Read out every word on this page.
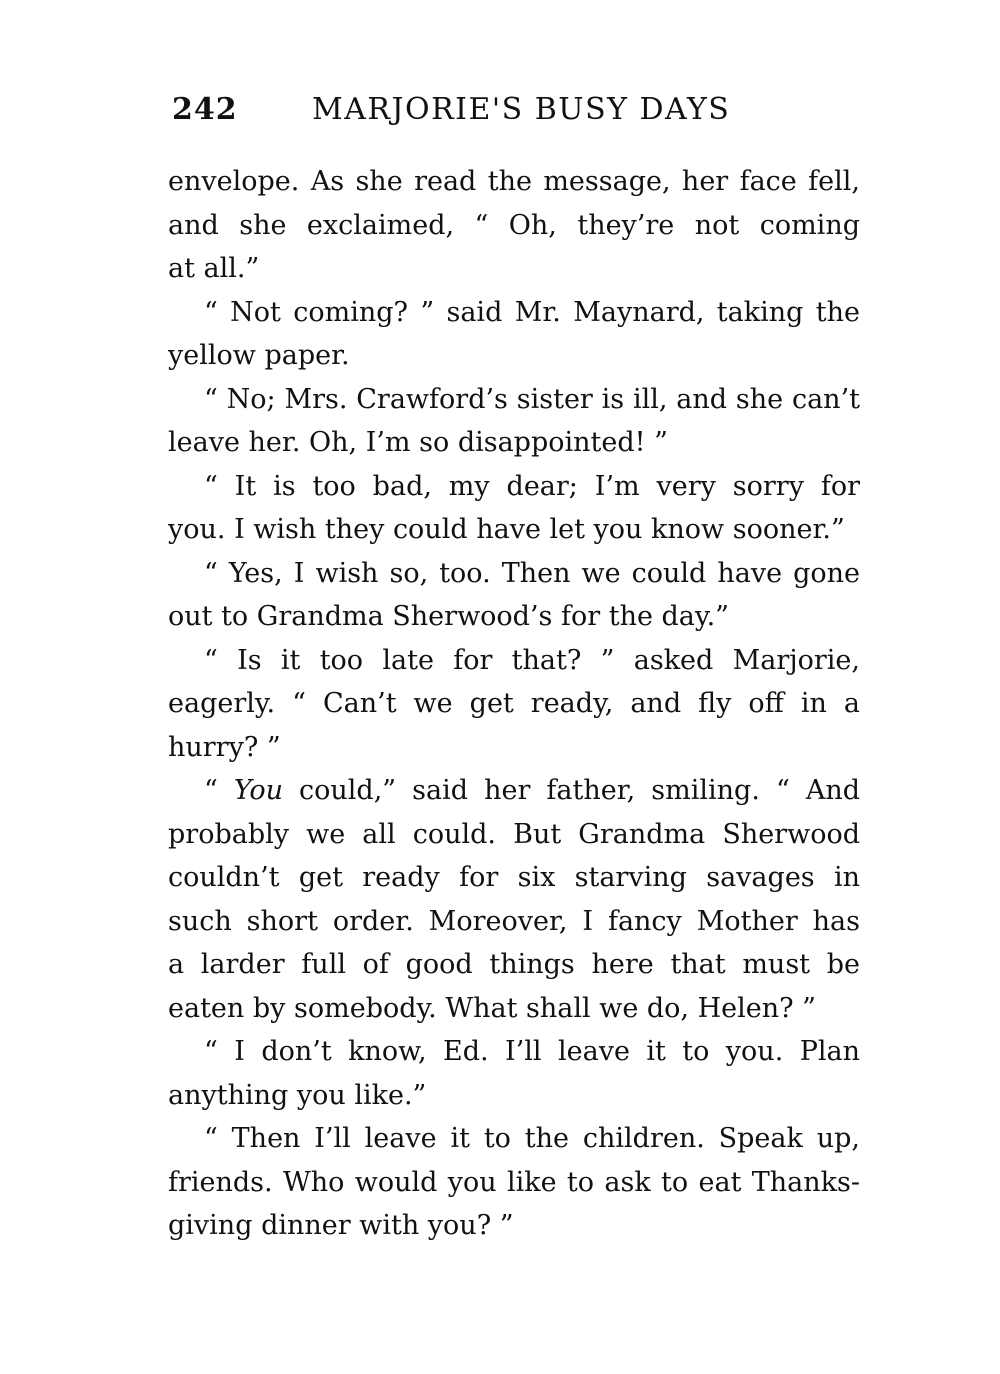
242 MARJORIE'S BUSY DAYS
envelope. As she read the message, her face fell,
and she exclaimed, “ Oh, they’re not coming
at all.”
“ Not coming? ” said Mr. Maynard, taking the
yellow paper.
“ No; Mrs. Crawford’s sister is ill, and she can’t
leave her. Oh, I’m so disappointed! ”
“ It is too bad, my dear; I’m very sorry for
you. I wish they could have let you know sooner.”
“ Yes, I wish so, too. Then we could have gone
out to Grandma Sherwood’s for the day.”
“ Is it too late for that? ” asked Marjorie,
eagerly. “ Can’t we get ready, and fly off in a
hurry? ”
“ You could,” said her father, smiling. “ And
probably we all could. But Grandma Sherwood
couldn’t get ready for six starving savages in
such short order. Moreover, I fancy Mother has
a larder full of good things here that must be
eaten by somebody. What shall we do, Helen? ”
“ I don’t know, Ed. I’ll leave it to you. Plan
anything you like.”
“ Then I’ll leave it to the children. Speak up,
friends. Who would you like to ask to eat Thanks-
giving dinner with you? ”
